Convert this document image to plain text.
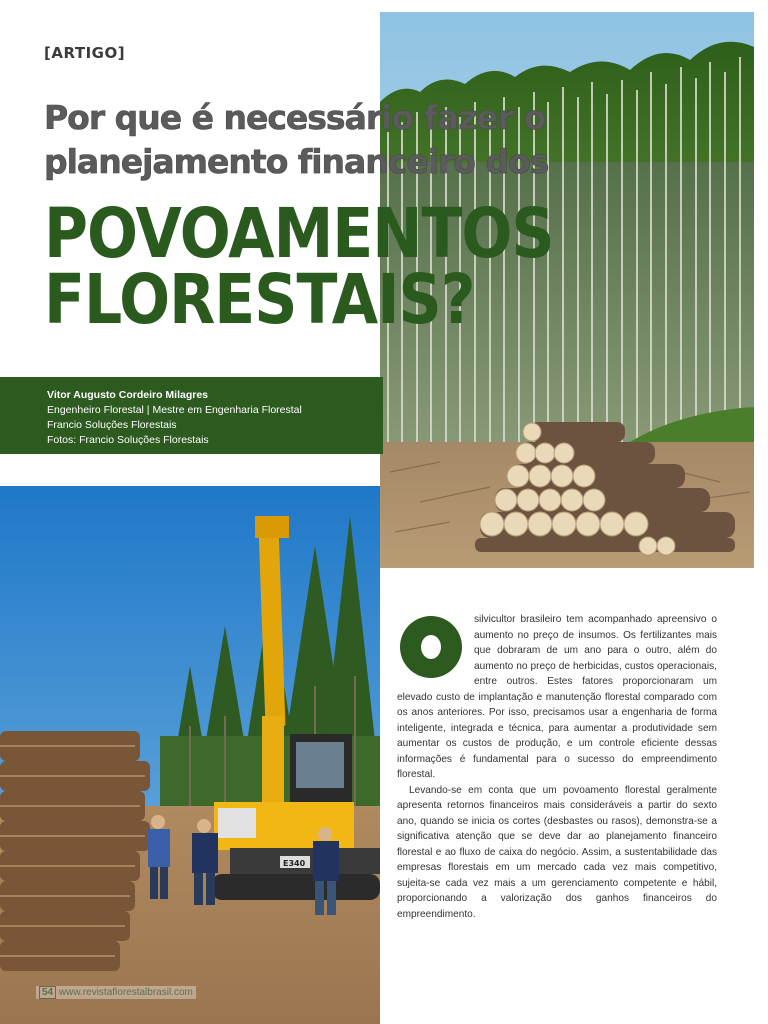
[ARTIGO]
Por que é necessário fazer o
planejamento financeiro dos
POVOAMENTOS
FLORESTAIS?
Vitor Augusto Cordeiro Milagres
Engenheiro Florestal | Mestre em Engenharia Florestal
Francio Soluções Florestais
Fotos: Francio Soluções Florestais
E340

silvicultor brasileiro tem acompanhado apreensivo o aumento no preço de insumos. Os fertilizantes mais que dobraram de um ano para o outro, além do aumento no preço de herbicidas, custos operacionais, entre outros. Estes fatores proporcionaram um elevado custo de implantação e manutenção florestal comparado com os anos anteriores. Por isso, precisamos usar a engenharia de forma inteligente, integrada e técnica, para aumentar a produtividade sem aumentar os custos de produção, e um controle eficiente dessas informações é fundamental para o sucesso do empreendimento florestal.

Levando-se em conta que um povoamento florestal geralmente apresenta retornos financeiros mais consideráveis a partir do sexto ano, quando se inicia os cortes (desbastes ou rasos), demonstra-se a significativa atenção que se deve dar ao planejamento financeiro florestal e ao fluxo de caixa do negócio. Assim, a sustentabilidade das empresas florestais em um mercado cada vez mais competitivo, sujeita-se cada vez mais a um gerenciamento competente e hábil, proporcionando a valorização dos ganhos financeiros do empreendimento.

54 www.revistaflorestalbrasil.com
